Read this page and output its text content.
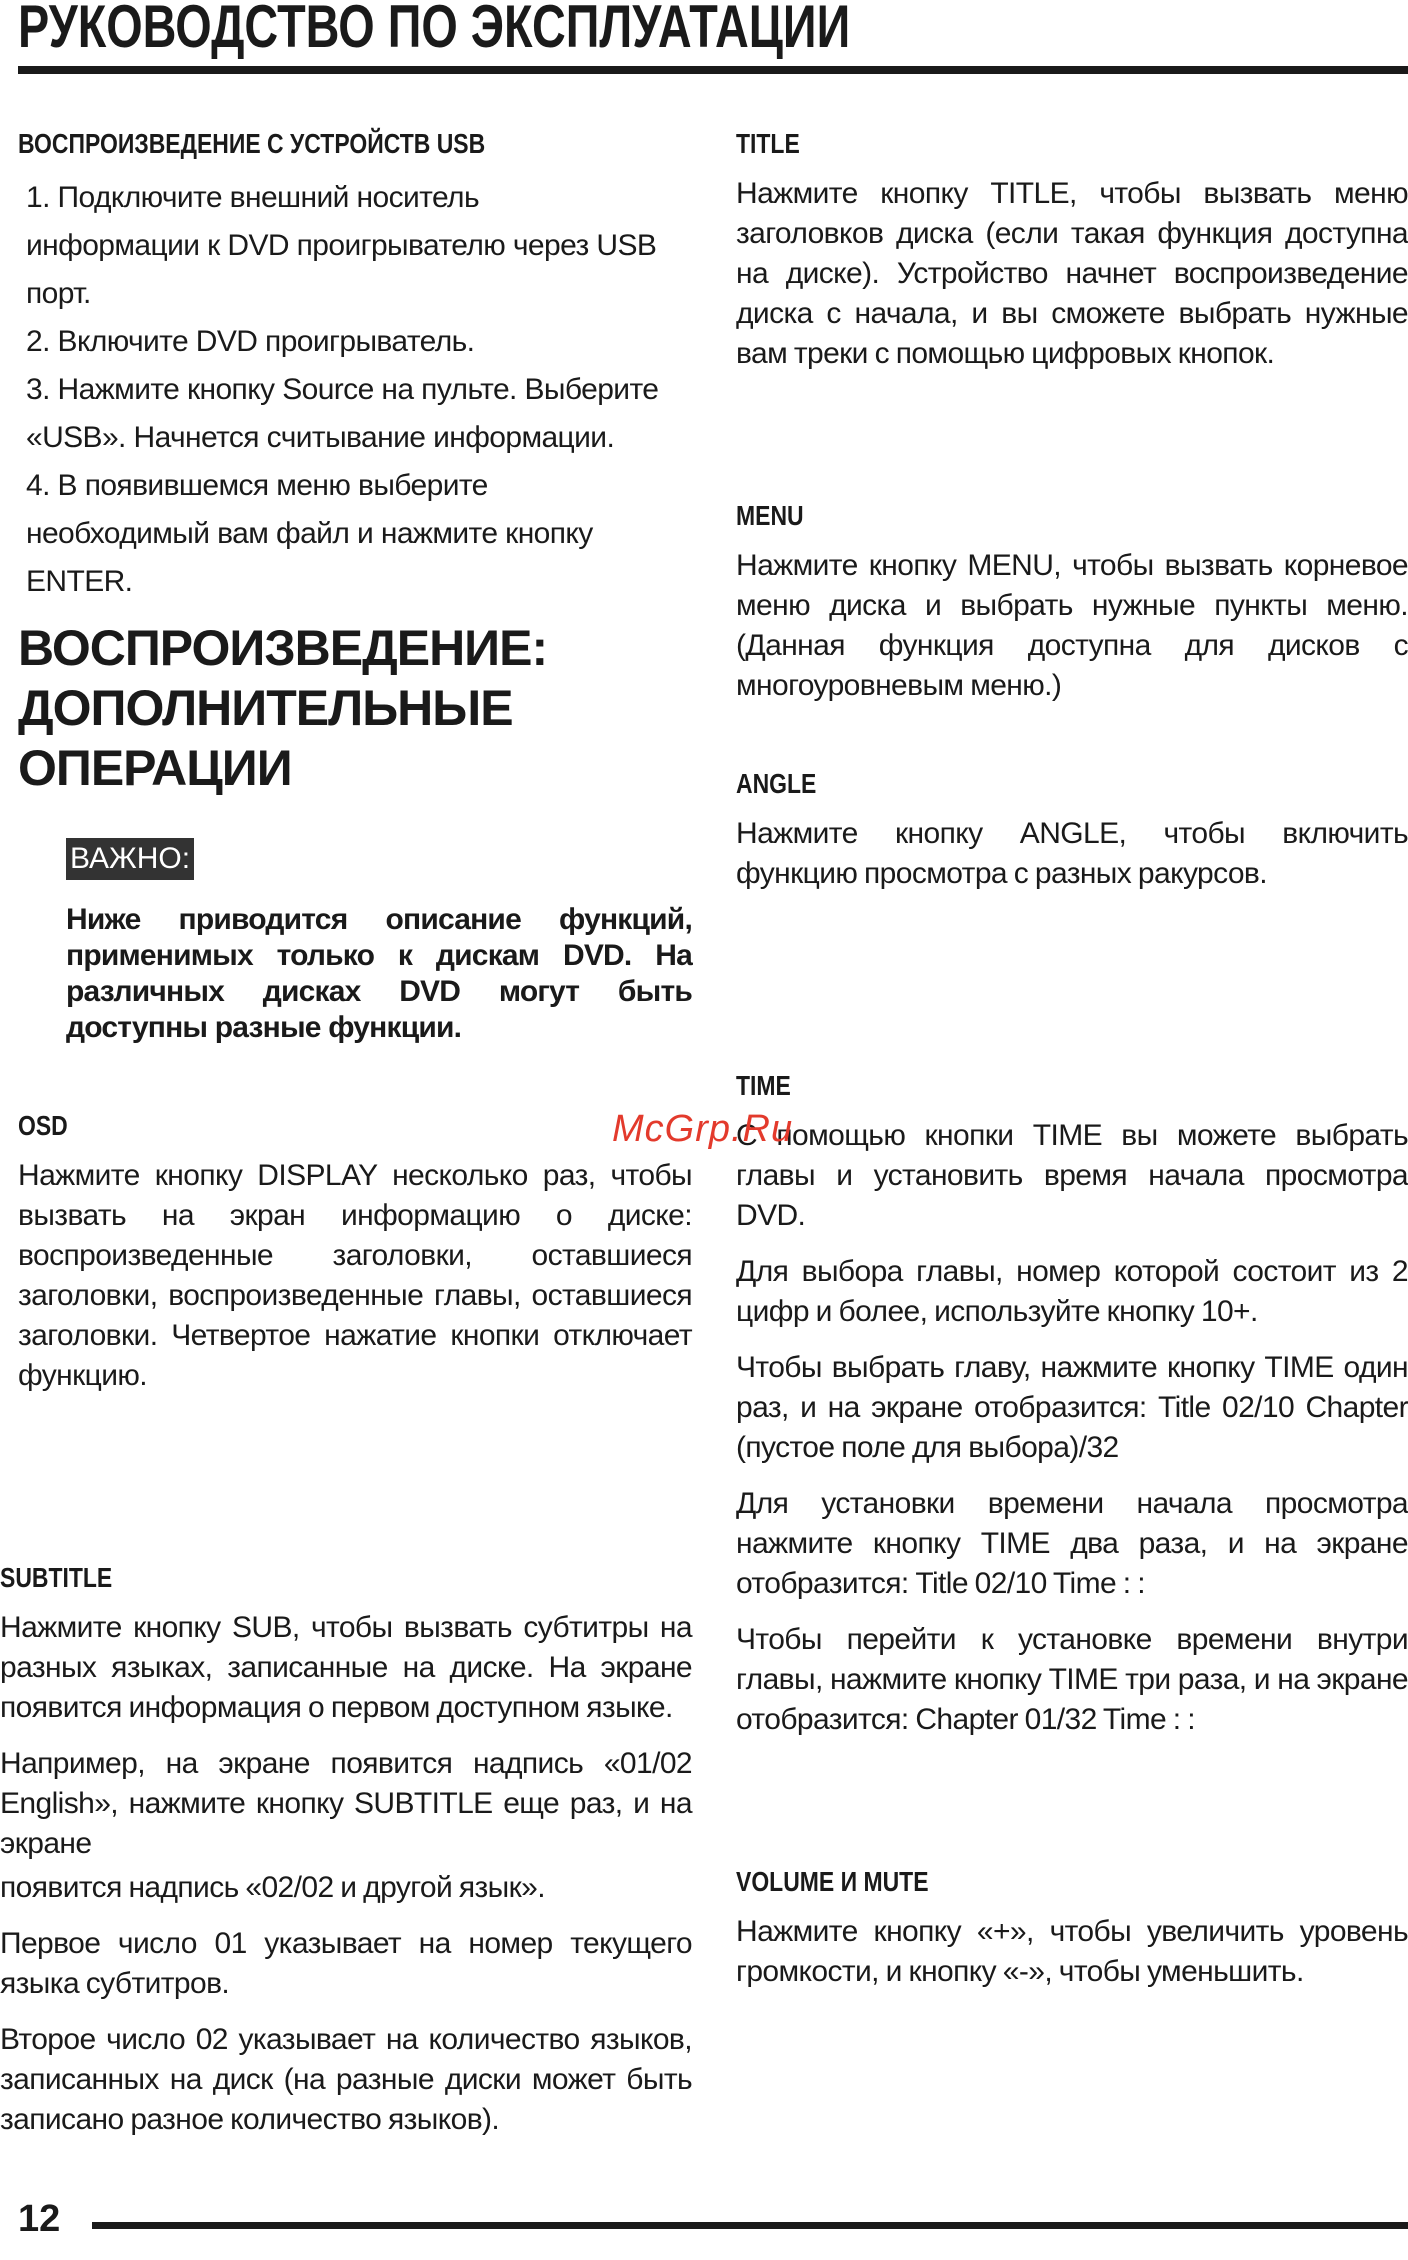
РУКОВОДСТВО ПО ЭКСПЛУАТАЦИИ
ВОСПРОИЗВЕДЕНИЕ С УСТРОЙСТВ USB

1. Подключите внешний носитель

информации к DVD проигрывателю через USB порт.

2. Включите DVD проигрыватель.

3. Нажмите кнопку Source на пульте. Выберите

«USB». Начнется считывание информации.

4. В появившемся меню выберите

необходимый вам файл и нажмите кнопку ENTER.

ВОСПРОИЗВЕДЕНИЕ: ДОПОЛНИТЕЛЬНЫЕ ОПЕРАЦИИ
ВАЖНО:

Ниже приводится описание функций, применимых только к дискам DVD. На различных дисках DVD могут быть доступны разные функции.

OSD

Нажмите кнопку DISPLAY несколько раз, чтобы вызвать на экран информацию о диске: воспроизведенные заголовки, оставшиеся заголовки, воспроизведенные главы, оставшиеся заголовки. Четвертое нажатие кнопки отключает функцию.

SUBTITLE

Нажмите кнопку SUB, чтобы вызвать субтитры на разных языках, записанные на диске. На экране появится информация о первом доступном языке.

Например, на экране появится надпись «01/02 English», нажмите кнопку SUBTITLE еще раз, и на экране

появится надпись «02/02 и другой язык».

Первое число 01 указывает на номер текущего языка субтитров.

Второе число 02 указывает на количество языков, записанных на диск (на разные диски может быть записано разное количество языков).

TITLE

Нажмите кнопку TITLE, чтобы вызвать меню заголовков диска (если такая функция доступна на диске). Устройство начнет воспроизведение диска с начала, и вы сможете выбрать нужные вам треки с помощью цифровых кнопок.

MENU

Нажмите кнопку MENU, чтобы вызвать корневое меню диска и выбрать нужные пункты меню. (Данная функция доступна для дисков с многоуровневым меню.)

ANGLE

Нажмите кнопку ANGLE, чтобы включить функцию просмотра с разных ракурсов.

TIME

С помощью кнопки TIME вы можете выбрать главы и установить время начала просмотра DVD.

Для выбора главы, номер которой состоит из 2 цифр и более, используйте кнопку 10+.

Чтобы выбрать главу, нажмите кнопку TIME один раз, и на экране отобразится: Title 02/10 Chapter (пустое поле для выбора)/32

Для установки времени начала просмотра нажмите кнопку TIME два раза, и на экране отобразится: Title 02/10 Time : :

Чтобы перейти к установке времени внутри главы, нажмите кнопку TIME три раза, и на экране отобразится: Chapter 01/32 Time : :

VOLUME И MUTE

Нажмите кнопку «+», чтобы увеличить уровень громкости, и кнопку «-», чтобы уменьшить.

McGrp.Ru
12
